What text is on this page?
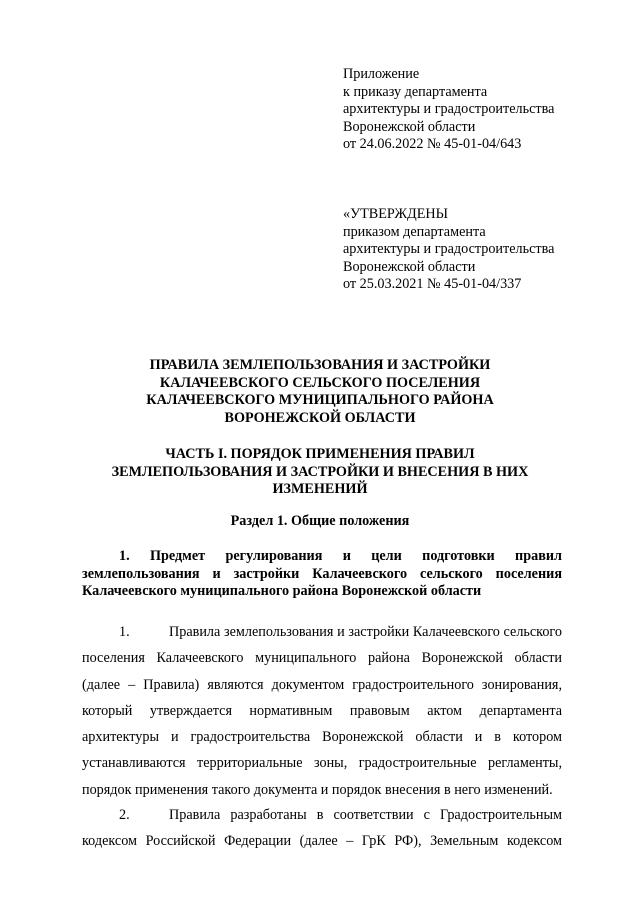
Приложение
к приказу департамента
архитектуры и градостроительства
Воронежской области
от 24.06.2022 № 45-01-04/643
«УТВЕРЖДЕНЫ
приказом департамента
архитектуры и градостроительства
Воронежской области
от 25.03.2021 № 45-01-04/337
ПРАВИЛА ЗЕМЛЕПОЛЬЗОВАНИЯ И ЗАСТРОЙКИ
КАЛАЧЕЕВСКОГО СЕЛЬСКОГО ПОСЕЛЕНИЯ
КАЛАЧЕЕВСКОГО МУНИЦИПАЛЬНОГО РАЙОНА
ВОРОНЕЖСКОЙ ОБЛАСТИ
ЧАСТЬ I. ПОРЯДОК ПРИМЕНЕНИЯ ПРАВИЛ
ЗЕМЛЕПОЛЬЗОВАНИЯ И ЗАСТРОЙКИ И ВНЕСЕНИЯ В НИХ
ИЗМЕНЕНИЙ
Раздел 1. Общие положения
1. Предмет регулирования и цели подготовки правил
землепользования и застройки Калачеевского сельского поселения
Калачеевского муниципального района Воронежской области
1.	Правила землепользования и застройки Калачеевского сельского
поселения Калачеевского муниципального района Воронежской области
(далее – Правила) являются документом градостроительного зонирования,
который утверждается нормативным правовым актом департамента
архитектуры и градостроительства Воронежской области и в котором
устанавливаются территориальные зоны, градостроительные регламенты,
порядок применения такого документа и порядок внесения в него изменений.
2.	Правила разработаны в соответствии с Градостроительным
кодексом Российской Федерации (далее – ГрК РФ), Земельным кодексом
